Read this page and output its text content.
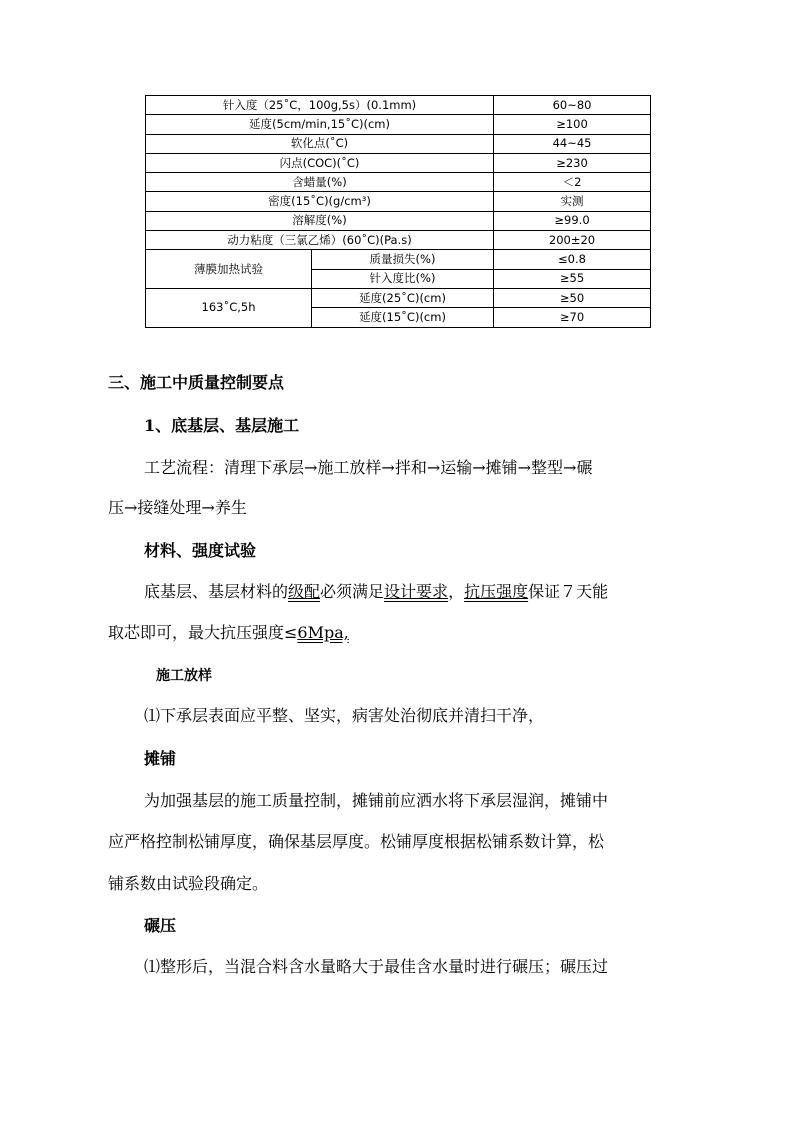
针入度（25˚C，100g,5s）(0.1mm)		60~80
延度(5cm/min,15˚C)(cm)		≥100
软化点(˚C)		44~45
闪点(COC)(˚C)		≥230
含蜡量(%)		＜2
密度(15˚C)(g/cm³)		实测
溶解度(%)		≥99.0
动力粘度（三氯乙烯）(60˚C)(Pa.s)		200±20
薄膜加热试验	质量损失(%)	≤0.8
	针入度比(%)	≥55
163˚C,5h	延度(25˚C)(cm)	≥50
	延度(15˚C)(cm)	≥70
三、施工中质量控制要点
1、底基层、基层施工
工艺流程：清理下承层→施工放样→拌和→运输→摊铺→整型→碾
压→接缝处理→养生
材料、强度试验
底基层、基层材料的级配必须满足设计要求，抗压强度保证７天能
取芯即可，最大抗压强度≤6Mpa,
施工放样
⑴下承层表面应平整、坚实，病害处治彻底并清扫干净，
摊铺
为加强基层的施工质量控制，摊铺前应洒水将下承层湿润，摊铺中
应严格控制松铺厚度，确保基层厚度。松铺厚度根据松铺系数计算，松
铺系数由试验段确定。
碾压
⑴整形后，当混合料含水量略大于最佳含水量时进行碾压；碾压过
